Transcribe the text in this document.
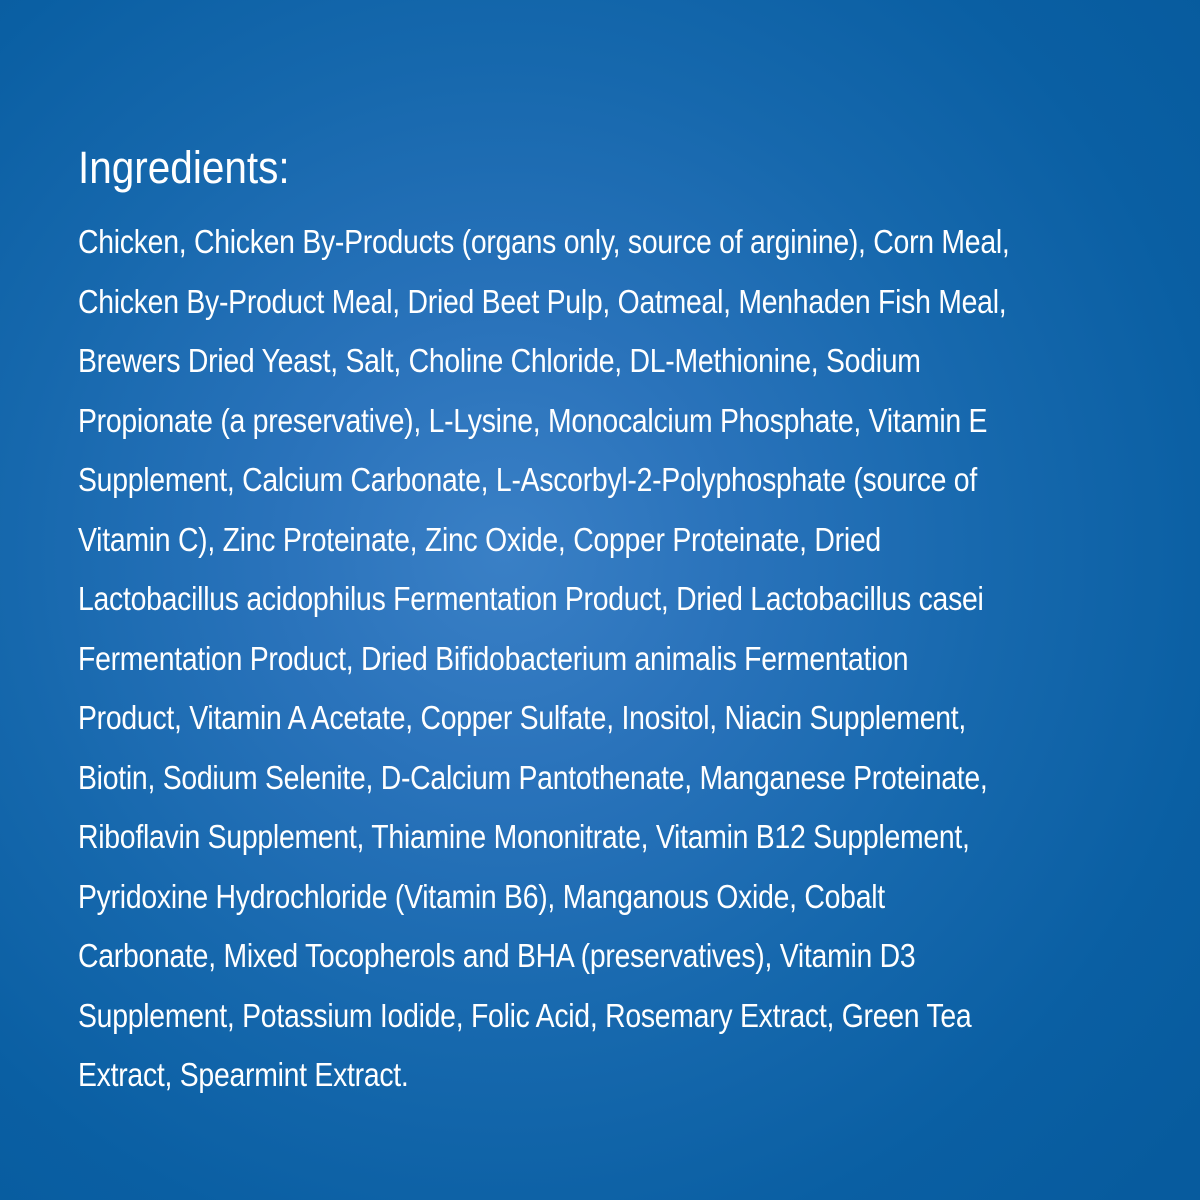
Ingredients:
Chicken, Chicken By-Products (organs only, source of arginine), Corn Meal,
Chicken By-Product Meal, Dried Beet Pulp, Oatmeal, Menhaden Fish Meal,
Brewers Dried Yeast, Salt, Choline Chloride, DL-Methionine, Sodium
Propionate (a preservative), L-Lysine, Monocalcium Phosphate, Vitamin E
Supplement, Calcium Carbonate, L-Ascorbyl-2-Polyphosphate (source of
Vitamin C), Zinc Proteinate, Zinc Oxide, Copper Proteinate, Dried
Lactobacillus acidophilus Fermentation Product, Dried Lactobacillus casei
Fermentation Product, Dried Bifidobacterium animalis Fermentation
Product, Vitamin A Acetate, Copper Sulfate, Inositol, Niacin Supplement,
Biotin, Sodium Selenite, D-Calcium Pantothenate, Manganese Proteinate,
Riboflavin Supplement, Thiamine Mononitrate, Vitamin B12 Supplement,
Pyridoxine Hydrochloride (Vitamin B6), Manganous Oxide, Cobalt
Carbonate, Mixed Tocopherols and BHA (preservatives), Vitamin D3
Supplement, Potassium Iodide, Folic Acid, Rosemary Extract, Green Tea
Extract, Spearmint Extract.
